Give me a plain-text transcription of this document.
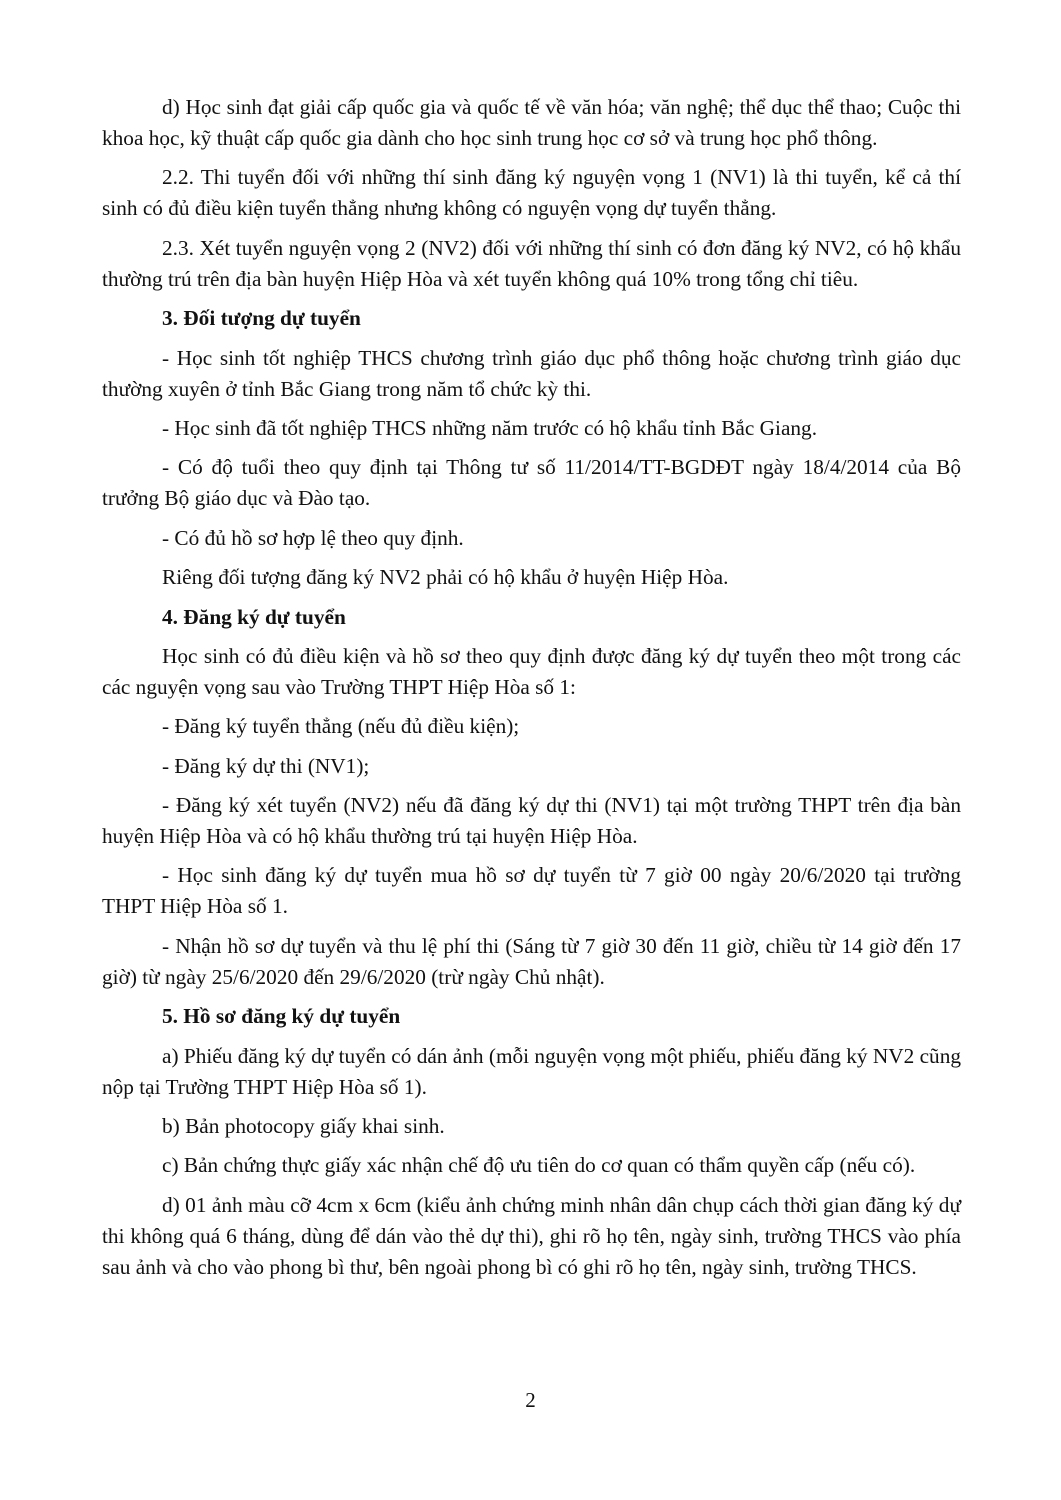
d) Học sinh đạt giải cấp quốc gia và quốc tế về văn hóa; văn nghệ; thể dục thể thao; Cuộc thi khoa học, kỹ thuật cấp quốc gia dành cho học sinh trung học cơ sở và trung học phổ thông.

2.2. Thi tuyển đối với những thí sinh đăng ký nguyện vọng 1 (NV1) là thi tuyển, kể cả thí sinh có đủ điều kiện tuyển thẳng nhưng không có nguyện vọng dự tuyển thẳng.

2.3. Xét tuyển nguyện vọng 2 (NV2) đối với những thí sinh có đơn đăng ký NV2, có hộ khẩu thường trú trên địa bàn huyện Hiệp Hòa và xét tuyển không quá 10% trong tổng chỉ tiêu.

3. Đối tượng dự tuyển

- Học sinh tốt nghiệp THCS chương trình giáo dục phổ thông hoặc chương trình giáo dục thường xuyên ở tỉnh Bắc Giang trong năm tổ chức kỳ thi.

- Học sinh đã tốt nghiệp THCS những năm trước có hộ khẩu tỉnh Bắc Giang.

- Có độ tuổi theo quy định tại Thông tư số 11/2014/TT-BGDĐT ngày 18/4/2014 của Bộ trưởng Bộ giáo dục và Đào tạo.

- Có đủ hồ sơ hợp lệ theo quy định.

Riêng đối tượng đăng ký NV2 phải có hộ khẩu ở huyện Hiệp Hòa.

4. Đăng ký dự tuyển

Học sinh có đủ điều kiện và hồ sơ theo quy định được đăng ký dự tuyển theo một trong các các nguyện vọng sau vào Trường THPT Hiệp Hòa số 1:

- Đăng ký tuyển thẳng (nếu đủ điều kiện);

- Đăng ký dự thi (NV1);

- Đăng ký xét tuyển (NV2) nếu đã đăng ký dự thi (NV1) tại một trường THPT trên địa bàn huyện Hiệp Hòa và có hộ khẩu thường trú tại huyện Hiệp Hòa.

- Học sinh đăng ký dự tuyển mua hồ sơ dự tuyển từ 7 giờ 00 ngày 20/6/2020 tại trường THPT Hiệp Hòa số 1.

- Nhận hồ sơ dự tuyển và thu lệ phí thi (Sáng từ 7 giờ 30 đến 11 giờ, chiều từ 14 giờ đến 17 giờ) từ ngày 25/6/2020 đến 29/6/2020 (trừ ngày Chủ nhật).

5. Hồ sơ đăng ký dự tuyển

a) Phiếu đăng ký dự tuyển có dán ảnh (mỗi nguyện vọng một phiếu, phiếu đăng ký NV2 cũng nộp tại Trường THPT Hiệp Hòa số 1).

b) Bản photocopy giấy khai sinh.

c) Bản chứng thực giấy xác nhận chế độ ưu tiên do cơ quan có thẩm quyền cấp (nếu có).

d) 01 ảnh màu cỡ 4cm x 6cm (kiểu ảnh chứng minh nhân dân chụp cách thời gian đăng ký dự thi không quá 6 tháng, dùng để dán vào thẻ dự thi), ghi rõ họ tên, ngày sinh, trường THCS vào phía sau ảnh và cho vào phong bì thư, bên ngoài phong bì có ghi rõ họ tên, ngày sinh, trường THCS.

2
